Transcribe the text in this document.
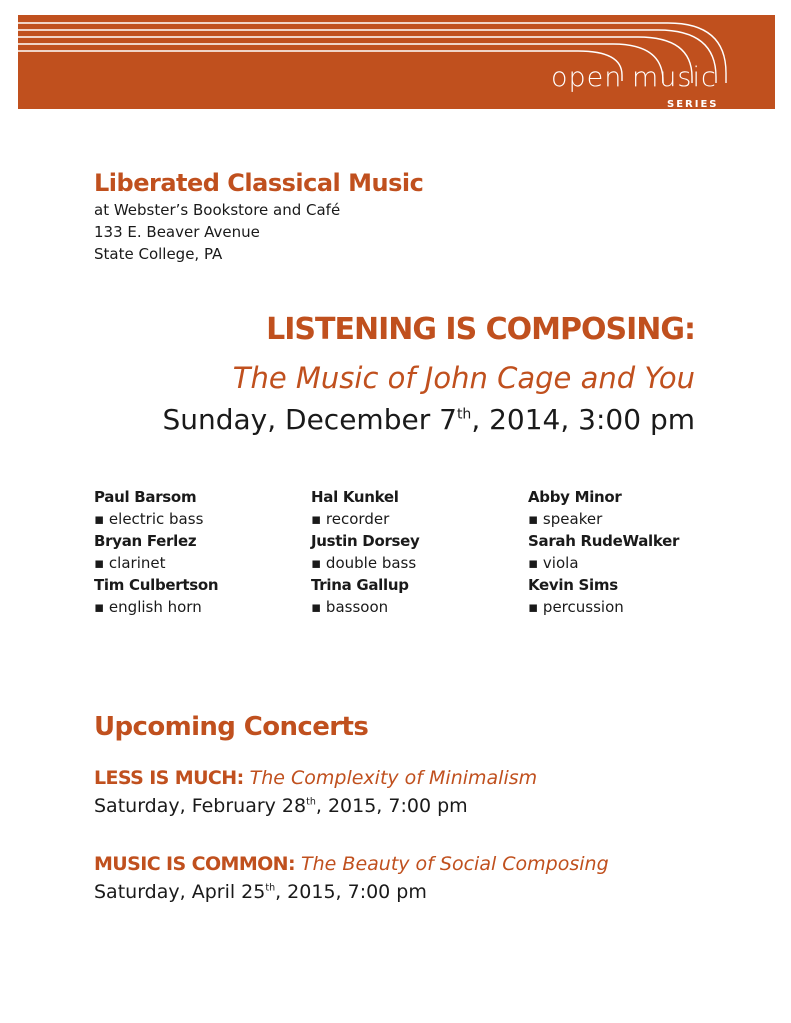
open music
SERIES
Liberated Classical Music
at Webster’s Bookstore and Café
133 E. Beaver Avenue
State College, PA
LISTENING IS COMPOSING:
The Music of John Cage and You
Sunday, December 7th, 2014, 3:00 pm
Paul Barsom
▪ electric bass
Bryan Ferlez
▪ clarinet
Tim Culbertson
▪ english horn
Hal Kunkel
▪ recorder
Justin Dorsey
▪ double bass
Trina Gallup
▪ bassoon
Abby Minor
▪ speaker
Sarah RudeWalker
▪ viola
Kevin Sims
▪ percussion
Upcoming Concerts
LESS IS MUCH: The Complexity of Minimalism
Saturday, February 28th, 2015, 7:00 pm
MUSIC IS COMMON: The Beauty of Social Composing
Saturday, April 25th, 2015, 7:00 pm
